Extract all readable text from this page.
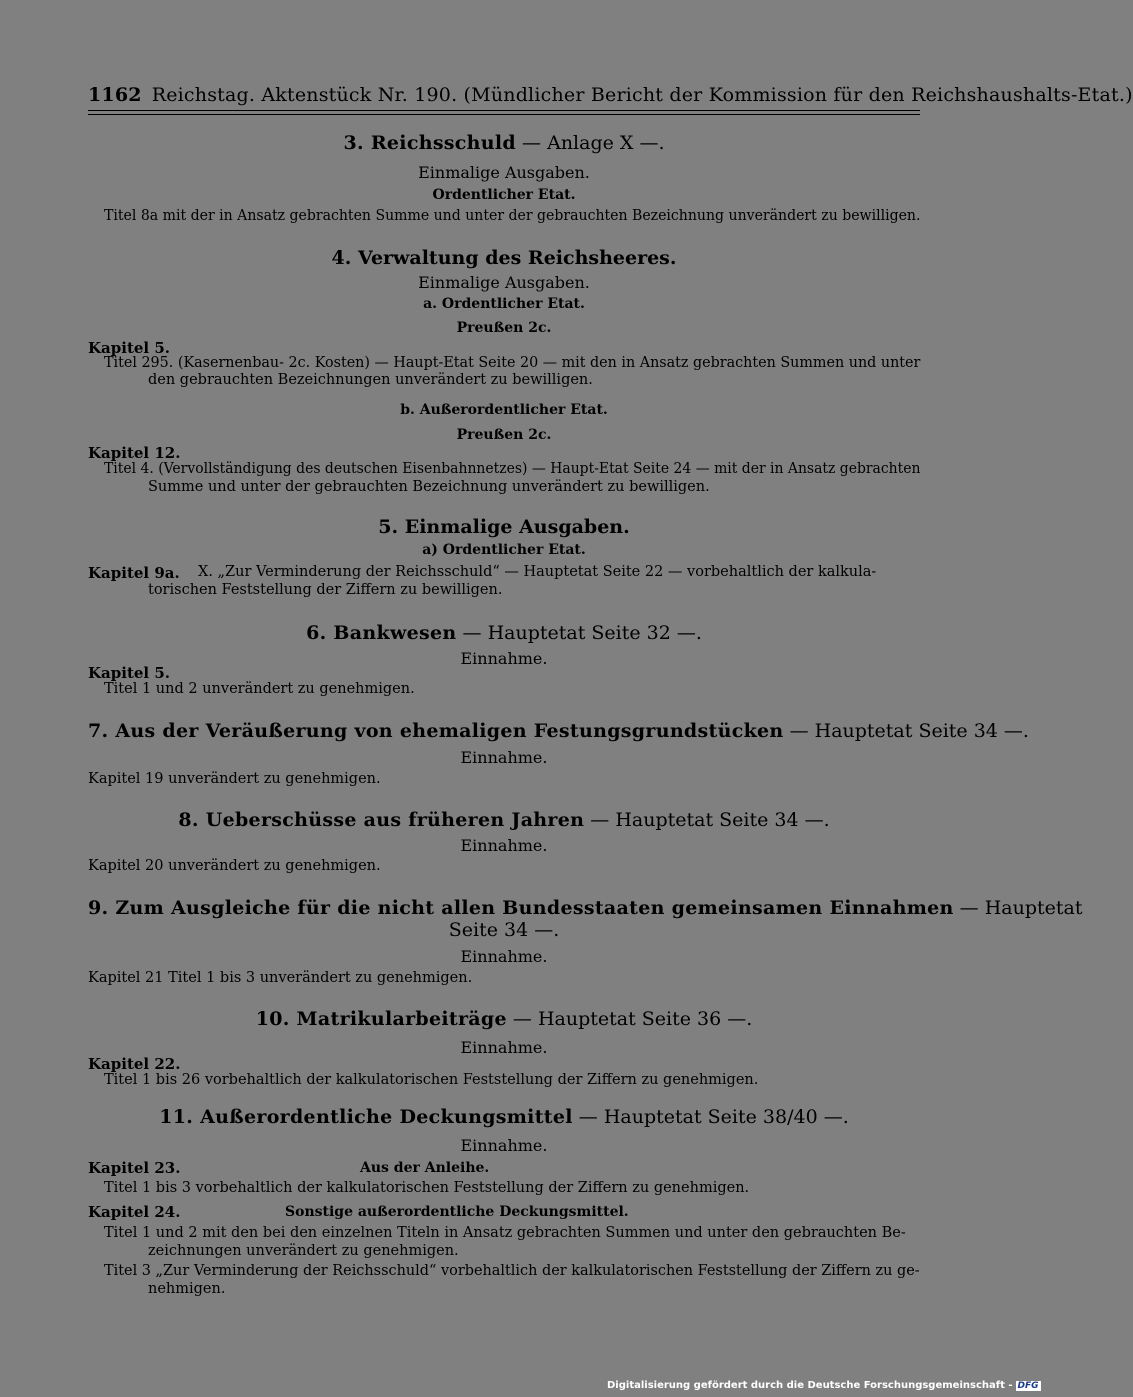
1162 Reichstag. Aktenstück Nr. 190. (Mündlicher Bericht der Kommission für den Reichshaushalts-Etat.)
3. Reichsschuld — Anlage X —.
Einmalige Ausgaben.
Ordentlicher Etat.
Titel 8a mit der in Ansatz gebrachten Summe und unter der gebrauchten Bezeichnung unverändert zu bewilligen.
4. Verwaltung des Reichsheeres.
Einmalige Ausgaben.
a. Ordentlicher Etat.
Preußen 2c.
Kapitel 5.
Titel 295. (Kasernenbau- 2c. Kosten) — Haupt-Etat Seite 20 — mit den in Ansatz gebrachten Summen und unter
den gebrauchten Bezeichnungen unverändert zu bewilligen.
b. Außerordentlicher Etat.
Preußen 2c.
Kapitel 12.
Titel 4. (Vervollständigung des deutschen Eisenbahnnetzes) — Haupt-Etat Seite 24 — mit der in Ansatz gebrachten
Summe und unter der gebrauchten Bezeichnung unverändert zu bewilligen.
5. Einmalige Ausgaben.
a) Ordentlicher Etat.
Kapitel 9a. X. „Zur Verminderung der Reichsschuld“ — Hauptetat Seite 22 — vorbehaltlich der kalkula-
torischen Feststellung der Ziffern zu bewilligen.
6. Bankwesen — Hauptetat Seite 32 —.
Einnahme.
Kapitel 5.
Titel 1 und 2 unverändert zu genehmigen.
7. Aus der Veräußerung von ehemaligen Festungsgrundstücken — Hauptetat Seite 34 —.
Einnahme.
Kapitel 19 unverändert zu genehmigen.
8. Ueberschüsse aus früheren Jahren — Hauptetat Seite 34 —.
Einnahme.
Kapitel 20 unverändert zu genehmigen.
9. Zum Ausgleiche für die nicht allen Bundesstaaten gemeinsamen Einnahmen — Hauptetat
Seite 34 —.
Einnahme.
Kapitel 21 Titel 1 bis 3 unverändert zu genehmigen.
10. Matrikularbeiträge — Hauptetat Seite 36 —.
Einnahme.
Kapitel 22.
Titel 1 bis 26 vorbehaltlich der kalkulatorischen Feststellung der Ziffern zu genehmigen.
11. Außerordentliche Deckungsmittel — Hauptetat Seite 38/40 —.
Einnahme.
Kapitel 23.	Aus der Anleihe.
Titel 1 bis 3 vorbehaltlich der kalkulatorischen Feststellung der Ziffern zu genehmigen.
Kapitel 24.	Sonstige außerordentliche Deckungsmittel.
Titel 1 und 2 mit den bei den einzelnen Titeln in Ansatz gebrachten Summen und unter den gebrauchten Be-
zeichnungen unverändert zu genehmigen.
Titel 3 „Zur Verminderung der Reichsschuld“ vorbehaltlich der kalkulatorischen Feststellung der Ziffern zu ge-
nehmigen.
Digitalisierung gefördert durch die Deutsche Forschungsgemeinschaft - DFG
